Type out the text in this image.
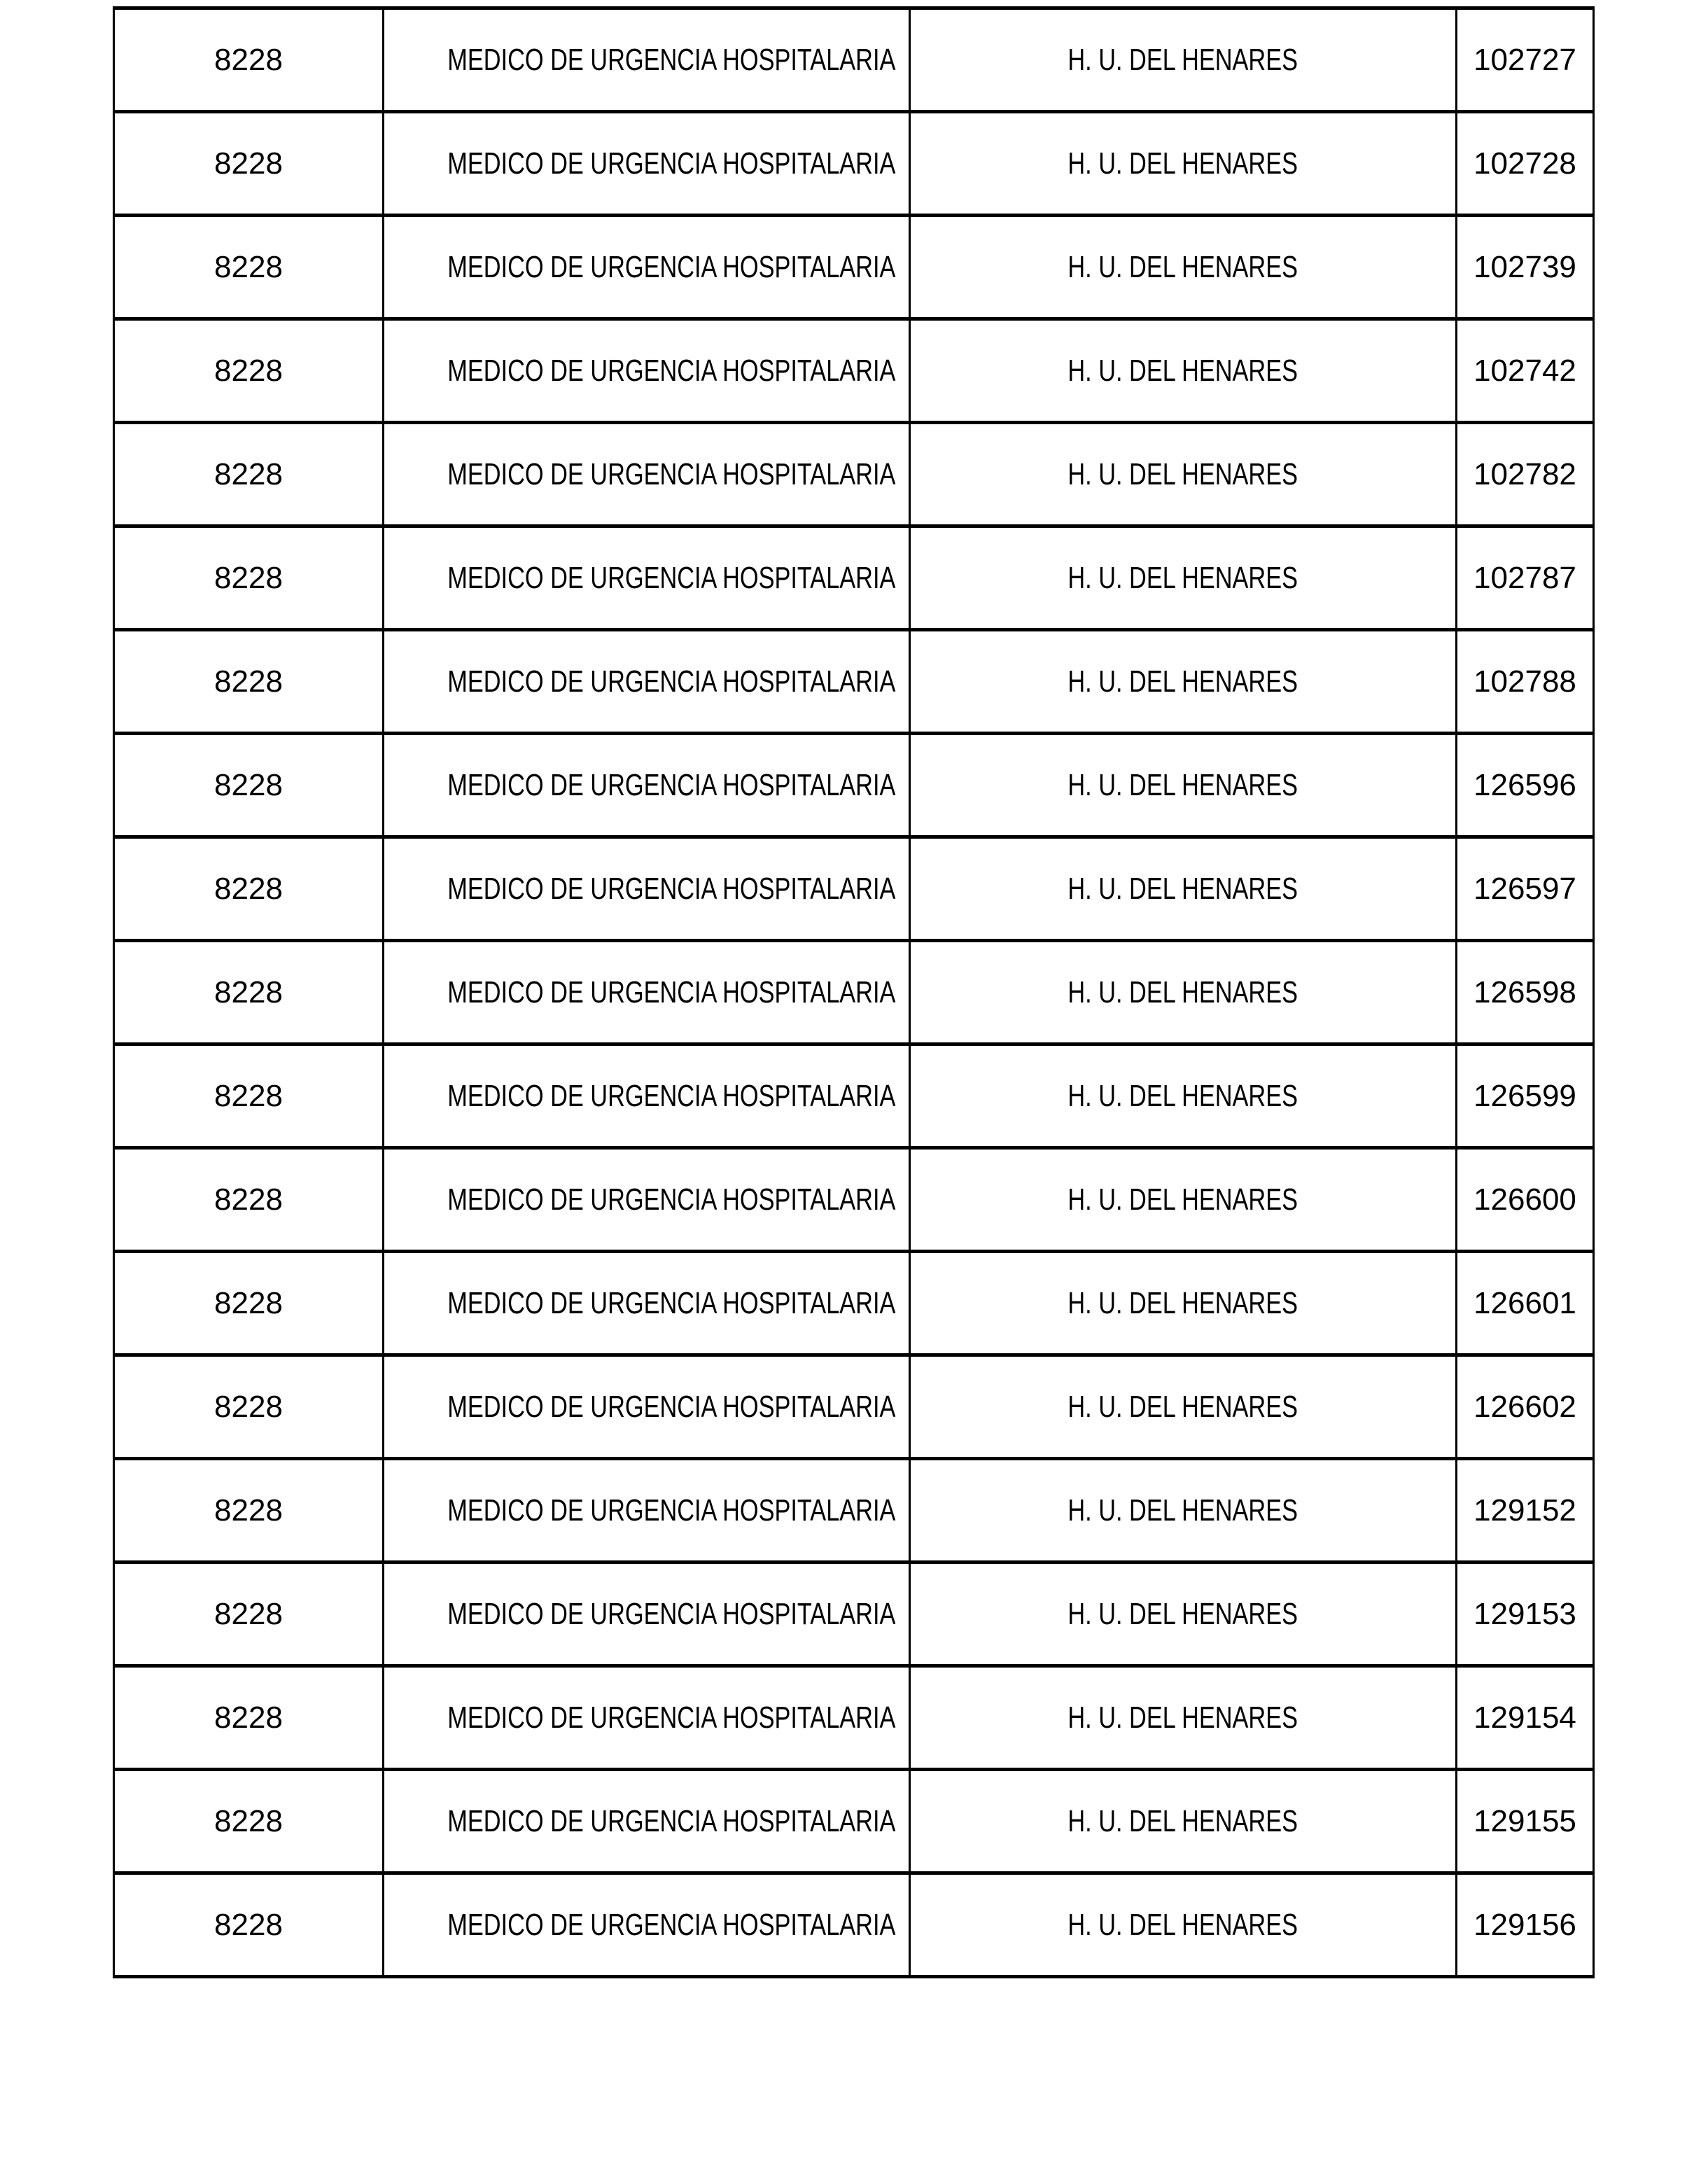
8228	MEDICO DE URGENCIA HOSPITALARIA	H. U. DEL HENARES	102727
8228	MEDICO DE URGENCIA HOSPITALARIA	H. U. DEL HENARES	102728
8228	MEDICO DE URGENCIA HOSPITALARIA	H. U. DEL HENARES	102739
8228	MEDICO DE URGENCIA HOSPITALARIA	H. U. DEL HENARES	102742
8228	MEDICO DE URGENCIA HOSPITALARIA	H. U. DEL HENARES	102782
8228	MEDICO DE URGENCIA HOSPITALARIA	H. U. DEL HENARES	102787
8228	MEDICO DE URGENCIA HOSPITALARIA	H. U. DEL HENARES	102788
8228	MEDICO DE URGENCIA HOSPITALARIA	H. U. DEL HENARES	126596
8228	MEDICO DE URGENCIA HOSPITALARIA	H. U. DEL HENARES	126597
8228	MEDICO DE URGENCIA HOSPITALARIA	H. U. DEL HENARES	126598
8228	MEDICO DE URGENCIA HOSPITALARIA	H. U. DEL HENARES	126599
8228	MEDICO DE URGENCIA HOSPITALARIA	H. U. DEL HENARES	126600
8228	MEDICO DE URGENCIA HOSPITALARIA	H. U. DEL HENARES	126601
8228	MEDICO DE URGENCIA HOSPITALARIA	H. U. DEL HENARES	126602
8228	MEDICO DE URGENCIA HOSPITALARIA	H. U. DEL HENARES	129152
8228	MEDICO DE URGENCIA HOSPITALARIA	H. U. DEL HENARES	129153
8228	MEDICO DE URGENCIA HOSPITALARIA	H. U. DEL HENARES	129154
8228	MEDICO DE URGENCIA HOSPITALARIA	H. U. DEL HENARES	129155
8228	MEDICO DE URGENCIA HOSPITALARIA	H. U. DEL HENARES	129156
